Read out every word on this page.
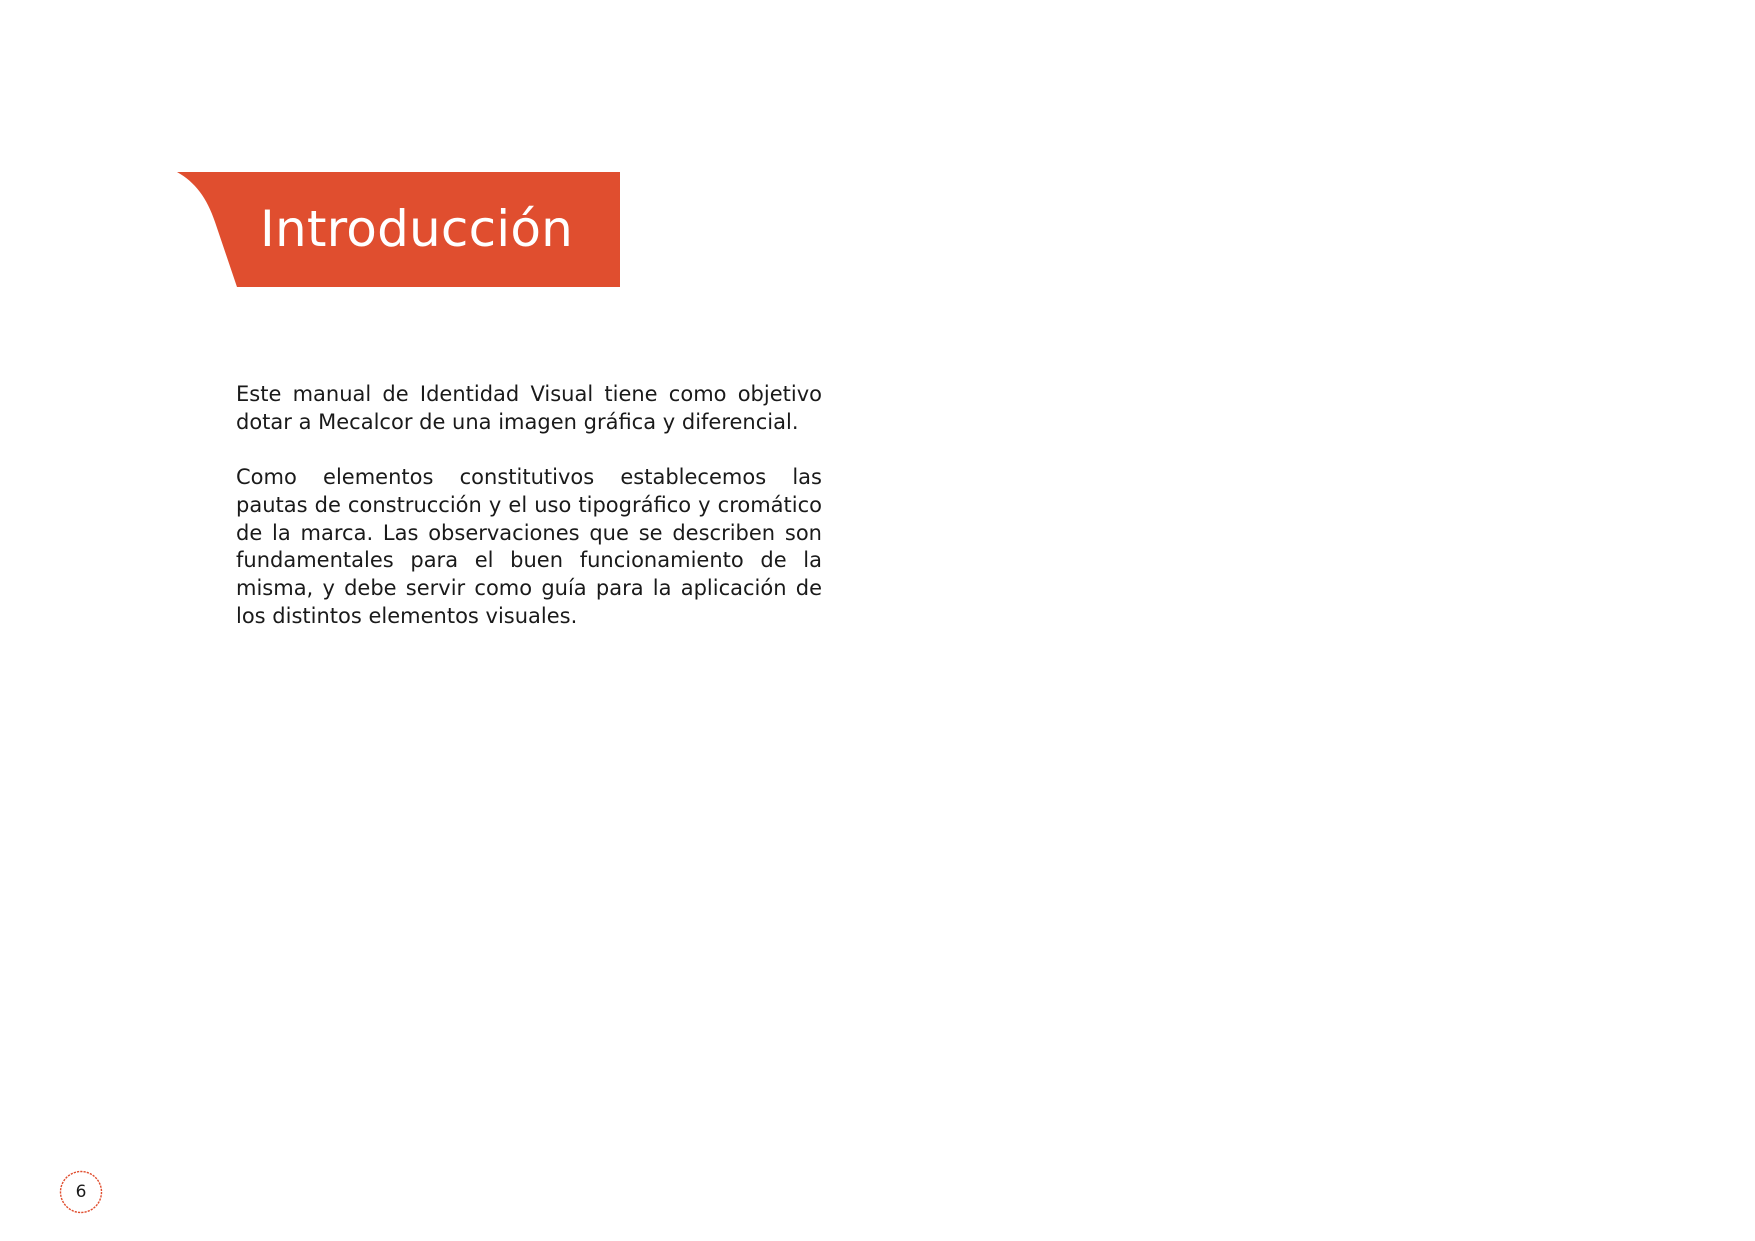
Introducción

Este manual de Identidad Visual tiene como objetivo dotar a Mecalcor de una imagen gráfica y diferencial.

Como elementos constitutivos establecemos las pautas de construcción y el uso tipográfico y cromático de la marca. Las observaciones que se describen son fundamentales para el buen funcionamiento de la misma, y debe servir como guía para la aplicación de los distintos elementos visuales.

6
